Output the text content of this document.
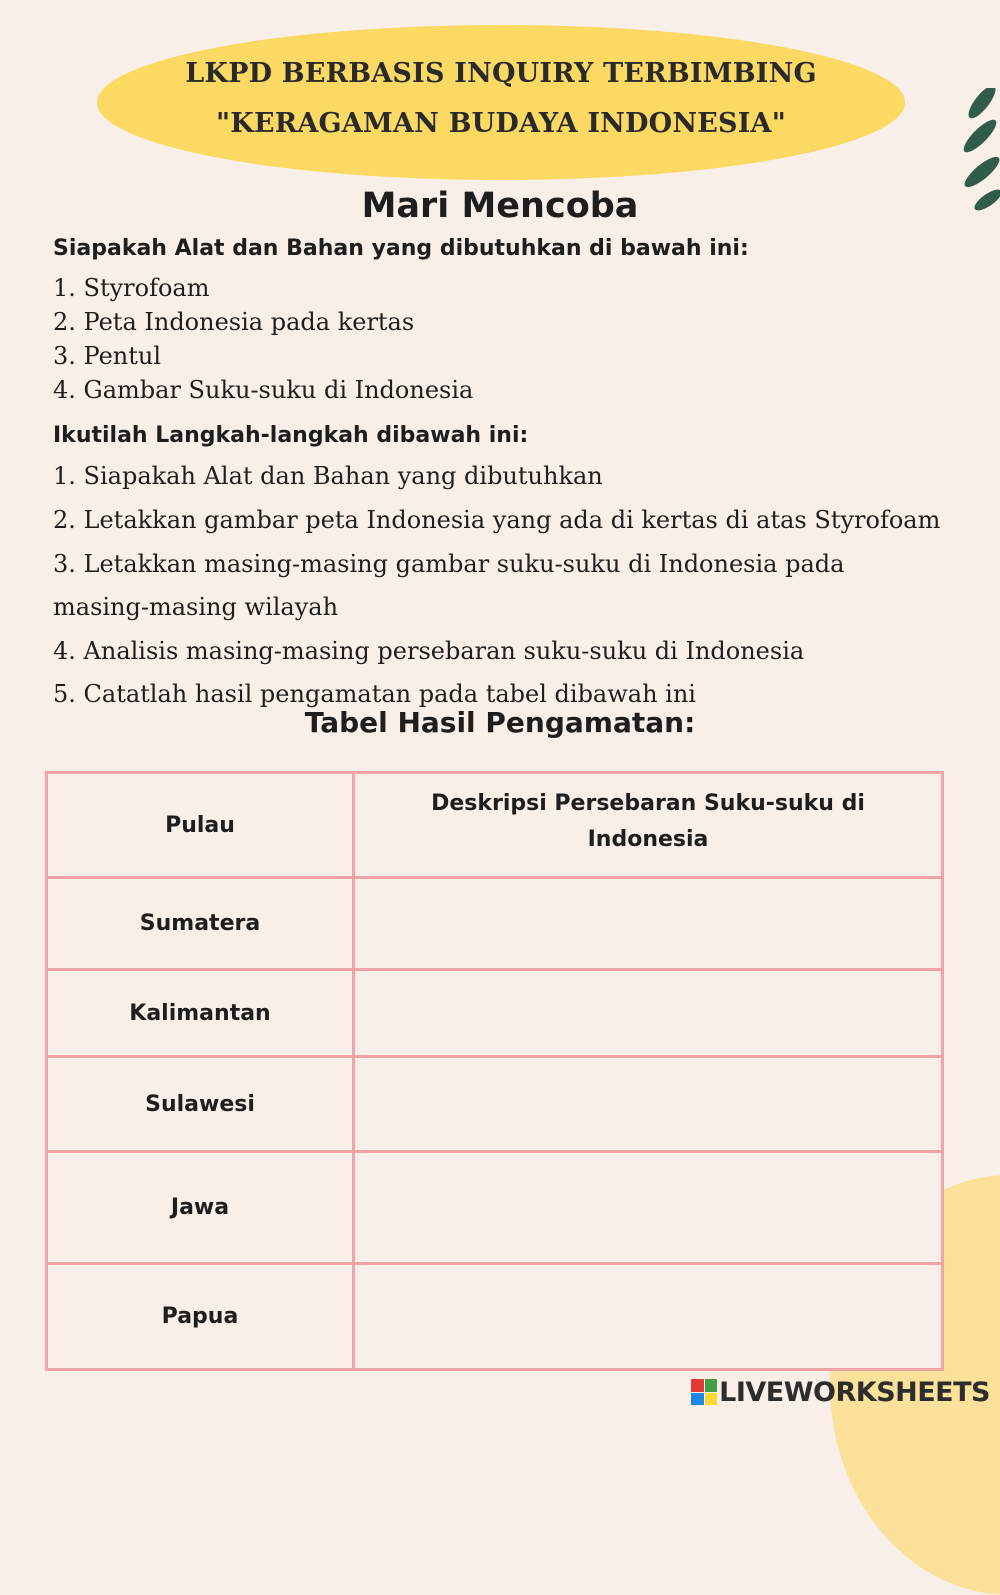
LKPD BERBASIS INQUIRY TERBIMBING
"KERAGAMAN BUDAYA INDONESIA"
Mari Mencoba
Siapakah Alat dan Bahan yang dibutuhkan di bawah ini:
1. Styrofoam
2. Peta Indonesia pada kertas
3. Pentul
4. Gambar Suku-suku di Indonesia
Ikutilah Langkah-langkah dibawah ini:
1. Siapakah Alat dan Bahan yang dibutuhkan
2. Letakkan gambar peta Indonesia yang ada di kertas di atas Styrofoam
3. Letakkan masing-masing gambar suku-suku di Indonesia pada
masing-masing wilayah
4. Analisis masing-masing persebaran suku-suku di Indonesia
5. Catatlah hasil pengamatan pada tabel dibawah ini
Tabel Hasil Pengamatan:
Pulau	Deskripsi Persebaran Suku-suku di
Indonesia
Sumatera	
Kalimantan	
Sulawesi	
Jawa	
Papua	
LIVEWORKSHEETS
